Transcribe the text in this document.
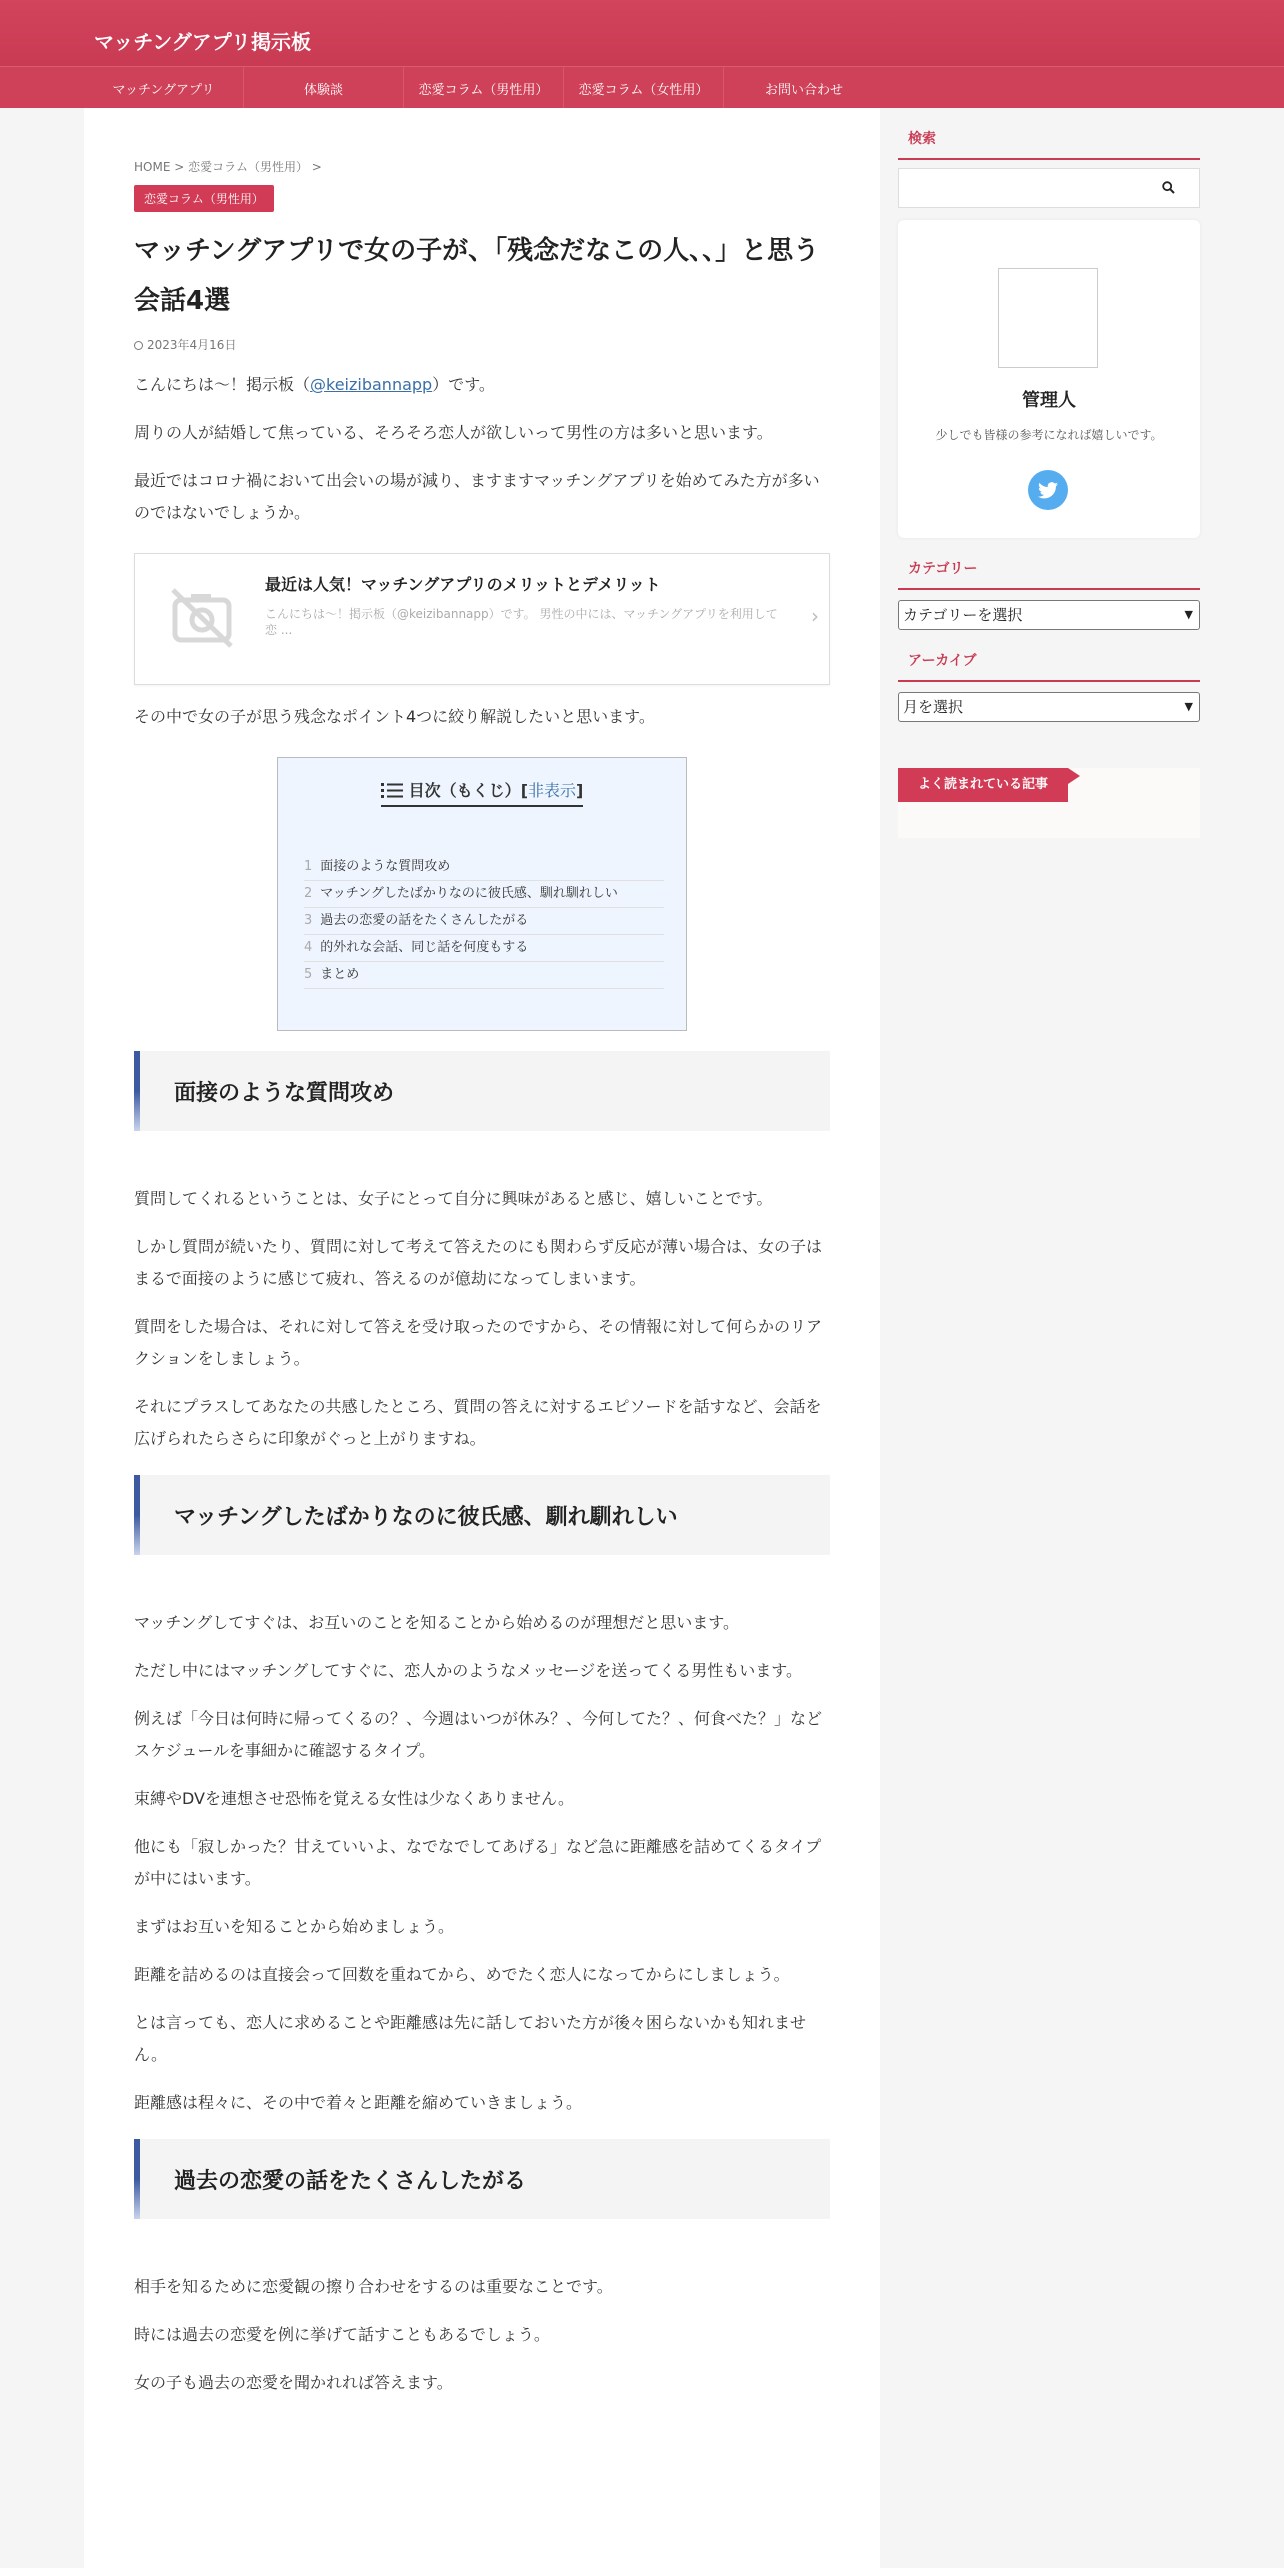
マッチングアプリ掲示板
マッチングアプリ	体験談	恋愛コラム（男性用）	恋愛コラム（女性用）	お問い合わせ
HOME > 恋愛コラム（男性用） >
恋愛コラム（男性用）
マッチングアプリで女の子が、「残念だなこの人、、」と思う会話4選
2023年4月16日
こんにちは～！掲示板（@keizibannapp）です。
周りの人が結婚して焦っている、そろそろ恋人が欲しいって男性の方は多いと思います。
最近ではコロナ禍において出会いの場が減り、ますますマッチングアプリを始めてみた方が多いのではないでしょうか。
最近は人気！マッチングアプリのメリットとデメリット
こんにちは～！掲示板（@keizibannapp）です。 男性の中には、マッチングアプリを利用して恋 ...
›
その中で女の子が思う残念なポイント4つに絞り解説したいと思います。
目次（もくじ）[非表示]
1 面接のような質問攻め
2 マッチングしたばかりなのに彼氏感、馴れ馴れしい
3 過去の恋愛の話をたくさんしたがる
4 的外れな会話、同じ話を何度もする
5 まとめ
面接のような質問攻め
質問してくれるということは、女子にとって自分に興味があると感じ、嬉しいことです。
しかし質問が続いたり、質問に対して考えて答えたのにも関わらず反応が薄い場合は、女の子はまるで面接のように感じて疲れ、答えるのが億劫になってしまいます。
質問をした場合は、それに対して答えを受け取ったのですから、その情報に対して何らかのリアクションをしましょう。
それにプラスしてあなたの共感したところ、質問の答えに対するエピソードを話すなど、会話を広げられたらさらに印象がぐっと上がりますね。
マッチングしたばかりなのに彼氏感、馴れ馴れしい
マッチングしてすぐは、お互いのことを知ることから始めるのが理想だと思います。
ただし中にはマッチングしてすぐに、恋人かのようなメッセージを送ってくる男性もいます。
例えば「今日は何時に帰ってくるの？、今週はいつが休み？、今何してた？、何食べた？」などスケジュールを事細かに確認するタイプ。
束縛やDVを連想させ恐怖を覚える女性は少なくありません。
他にも「寂しかった？甘えていいよ、なでなでしてあげる」など急に距離感を詰めてくるタイプが中にはいます。
まずはお互いを知ることから始めましょう。
距離を詰めるのは直接会って回数を重ねてから、めでたく恋人になってからにしましょう。
とは言っても、恋人に求めることや距離感は先に話しておいた方が後々困らないかも知れません。
距離感は程々に、その中で着々と距離を縮めていきましょう。
過去の恋愛の話をたくさんしたがる
相手を知るために恋愛観の擦り合わせをするのは重要なことです。
時には過去の恋愛を例に挙げて話すこともあるでしょう。
女の子も過去の恋愛を聞かれれば答えます。
検索
管理人
少しでも皆様の参考になれば嬉しいです。
カテゴリー
カテゴリーを選択	▼
アーカイブ
月を選択	▼
よく読まれている記事
